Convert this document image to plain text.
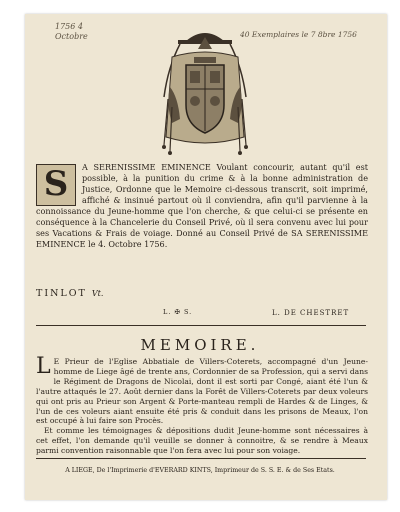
1756 4 Octobre	40 Exemplaires le 7 8bre 1756
S	A SERENISSIME EMINENCE Voulant concourir, autant qu'il est possible, à la punition du crime & à la bonne administration de Justice, Ordonne que le Memoire ci-dessous transcrit, soit imprimé, affiché & insinué partout où il conviendra, afin qu'il parvienne à la connoissance du Jeune-homme que l'on cherche, & que celui-ci se présente en conséquence à la Chancelerie du Conseil Privé, où il sera convenu avec lui pour ses Vacations & Frais de voiage. Donné au Conseil Privé de SA SERENISSIME EMINENCE le 4. Octobre 1756.
TINLOT Vt.
L. ✠ S.	L. DE CHESTRET
MEMOIRE.

L E Prieur de l'Eglise Abbatiale de Villers-Coterets, accompagné d'un Jeune-homme de Liege âgé de trente ans, Cordonnier de sa Profession, qui a servi dans le Régiment de Dragons de Nicolai, dont il est sorti par Congé, aiant été l'un & l'autre attaqués le 27. Août dernier dans la Forêt de Villers-Coterets par deux voleurs qui ont pris au Prieur son Argent & Porte-manteau rempli de Hardes & de Linges, & l'un de ces voleurs aiant ensuite été pris & conduit dans les prisons de Meaux, l'on est occupé à lui faire son Procès.

Et comme les témoignages & dépositions dudit Jeune-homme sont nécessaires à cet effet, l'on demande qu'il veuille se donner à connoitre, & se rendre à Meaux parmi convention raisonnable que l'on fera avec lui pour son voiage.

A LIEGE, De l'Imprimerie d'EVERARD KINTS, Imprimeur de S. S. E. & de Ses Etats.
